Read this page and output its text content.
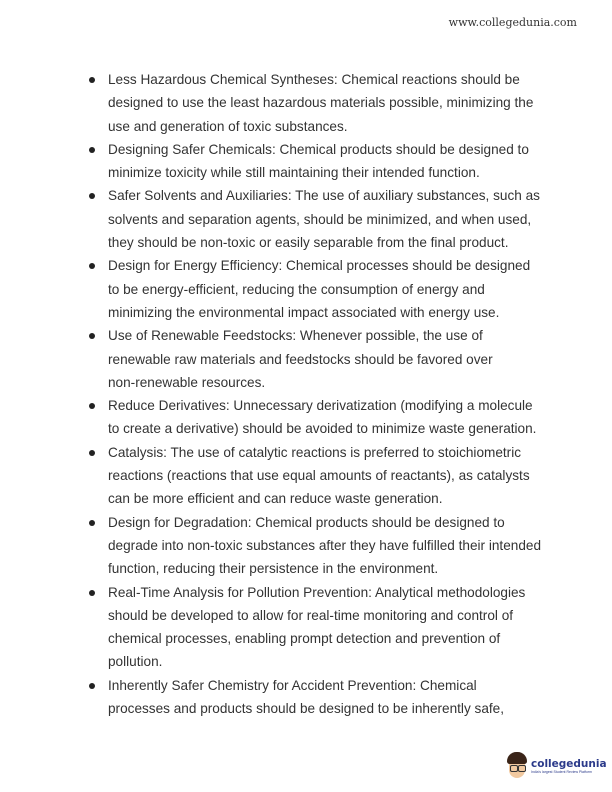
www.collegedunia.com
Less Hazardous Chemical Syntheses: Chemical reactions should be
designed to use the least hazardous materials possible, minimizing the
use and generation of toxic substances.
Designing Safer Chemicals: Chemical products should be designed to
minimize toxicity while still maintaining their intended function.
Safer Solvents and Auxiliaries: The use of auxiliary substances, such as
solvents and separation agents, should be minimized, and when used,
they should be non-toxic or easily separable from the final product.
Design for Energy Efficiency: Chemical processes should be designed
to be energy-efficient, reducing the consumption of energy and
minimizing the environmental impact associated with energy use.
Use of Renewable Feedstocks: Whenever possible, the use of
renewable raw materials and feedstocks should be favored over
non-renewable resources.
Reduce Derivatives: Unnecessary derivatization (modifying a molecule
to create a derivative) should be avoided to minimize waste generation.
Catalysis: The use of catalytic reactions is preferred to stoichiometric
reactions (reactions that use equal amounts of reactants), as catalysts
can be more efficient and can reduce waste generation.
Design for Degradation: Chemical products should be designed to
degrade into non-toxic substances after they have fulfilled their intended
function, reducing their persistence in the environment.
Real-Time Analysis for Pollution Prevention: Analytical methodologies
should be developed to allow for real-time monitoring and control of
chemical processes, enabling prompt detection and prevention of
pollution.
Inherently Safer Chemistry for Accident Prevention: Chemical
processes and products should be designed to be inherently safe,
collegedunia
India's largest Student Review Platform
